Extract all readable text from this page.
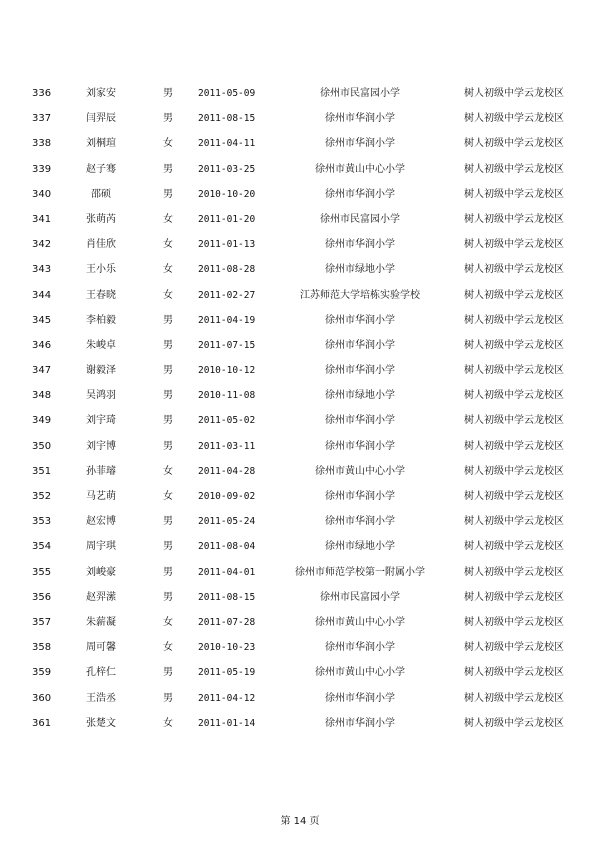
336	刘家安	男	2011-05-09	徐州市民富园小学	树人初级中学云龙校区
337	闫羿辰	男	2011-08-15	徐州市华润小学	树人初级中学云龙校区
338	刘桐瑄	女	2011-04-11	徐州市华润小学	树人初级中学云龙校区
339	赵子骞	男	2011-03-25	徐州市黄山中心小学	树人初级中学云龙校区
340	邵硕	男	2010-10-20	徐州市华润小学	树人初级中学云龙校区
341	张萌芮	女	2011-01-20	徐州市民富园小学	树人初级中学云龙校区
342	肖佳欣	女	2011-01-13	徐州市华润小学	树人初级中学云龙校区
343	王小乐	女	2011-08-28	徐州市绿地小学	树人初级中学云龙校区
344	王春晓	女	2011-02-27	江苏师范大学培栋实验学校	树人初级中学云龙校区
345	李柏毅	男	2011-04-19	徐州市华润小学	树人初级中学云龙校区
346	朱峻卓	男	2011-07-15	徐州市华润小学	树人初级中学云龙校区
347	谢毅泽	男	2010-10-12	徐州市华润小学	树人初级中学云龙校区
348	吴鸿羽	男	2010-11-08	徐州市绿地小学	树人初级中学云龙校区
349	刘宇琦	男	2011-05-02	徐州市华润小学	树人初级中学云龙校区
350	刘宇博	男	2011-03-11	徐州市华润小学	树人初级中学云龙校区
351	孙菲璿	女	2011-04-28	徐州市黄山中心小学	树人初级中学云龙校区
352	马艺萌	女	2010-09-02	徐州市华润小学	树人初级中学云龙校区
353	赵宏博	男	2011-05-24	徐州市华润小学	树人初级中学云龙校区
354	周宇琪	男	2011-08-04	徐州市绿地小学	树人初级中学云龙校区
355	刘峻豪	男	2011-04-01	徐州市师范学校第一附属小学	树人初级中学云龙校区
356	赵羿潆	男	2011-08-15	徐州市民富园小学	树人初级中学云龙校区
357	朱薪凝	女	2011-07-28	徐州市黄山中心小学	树人初级中学云龙校区
358	周可馨	女	2010-10-23	徐州市华润小学	树人初级中学云龙校区
359	孔梓仁	男	2011-05-19	徐州市黄山中心小学	树人初级中学云龙校区
360	王浩丞	男	2011-04-12	徐州市华润小学	树人初级中学云龙校区
361	张楚文	女	2011-01-14	徐州市华润小学	树人初级中学云龙校区
第 14 页
